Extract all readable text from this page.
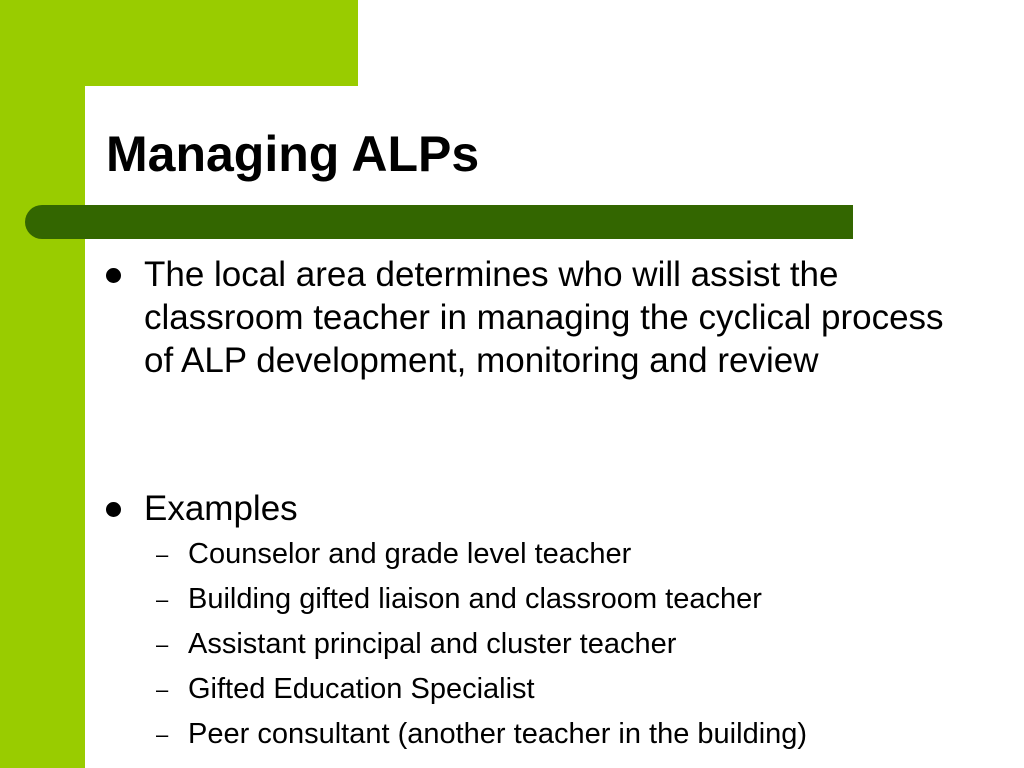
Managing ALPs
The local area determines who will assist the classroom teacher in managing the cyclical process of ALP development, monitoring and review
Examples
– Counselor and grade level teacher
– Building gifted liaison and classroom teacher
– Assistant principal and cluster teacher
– Gifted Education Specialist
– Peer consultant (another teacher in the building)
